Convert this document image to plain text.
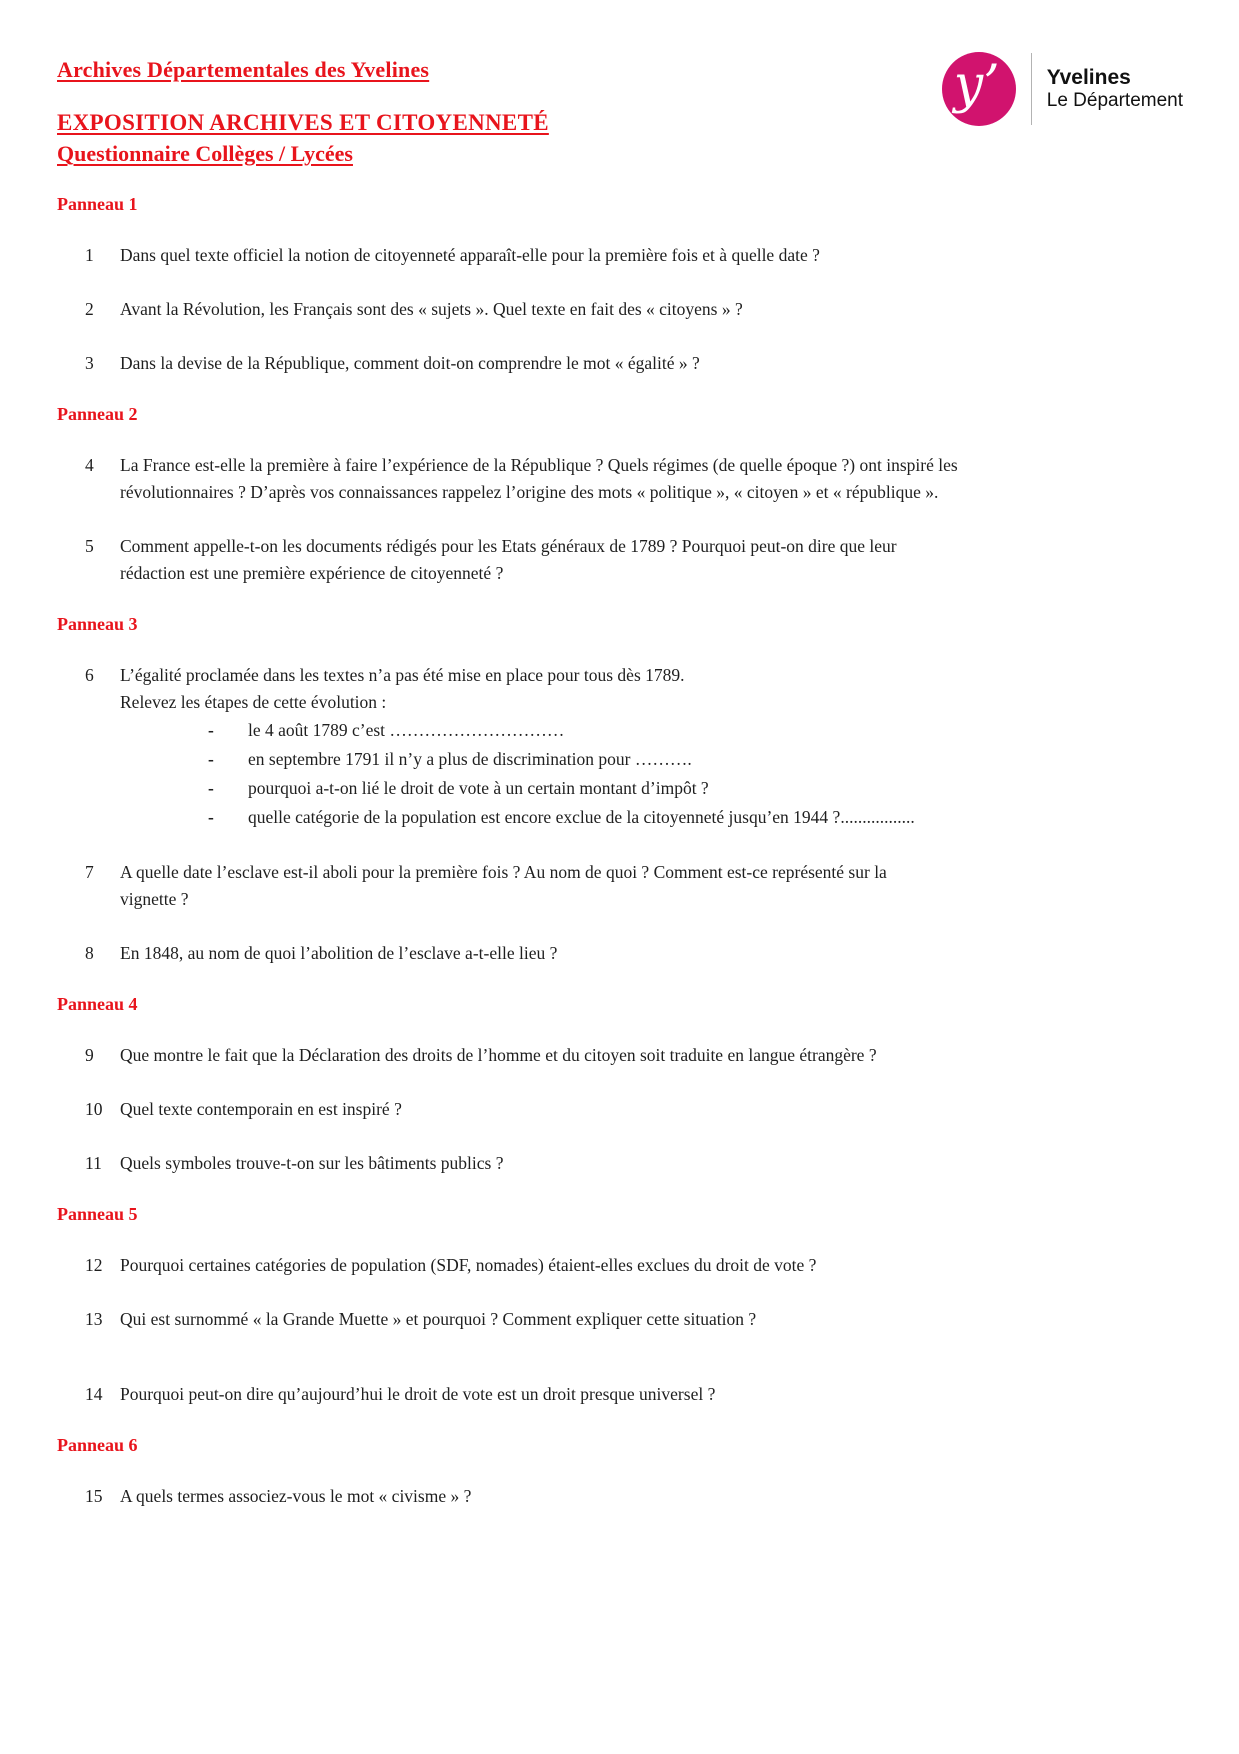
Archives Départementales des Yvelines
EXPOSITION ARCHIVES ET CITOYENNETÉ
Questionnaire Collèges / Lycées
y’ Yvelines
Le Département
Panneau 1
1	Dans quel texte officiel la notion de citoyenneté apparaît-elle pour la première fois et à quelle date ?
2	Avant la Révolution, les Français sont des « sujets ». Quel texte en fait des « citoyens » ?
3	Dans la devise de la République, comment doit-on comprendre le mot « égalité » ?
Panneau 2
4	La France est-elle la première à faire l’expérience de la République ? Quels régimes (de quelle époque ?) ont inspiré les
révolutionnaires ? D’après vos connaissances rappelez l’origine des mots « politique », « citoyen » et « république ».
5	Comment appelle-t-on les documents rédigés pour les Etats généraux de 1789 ? Pourquoi peut-on dire que leur
rédaction est une première expérience de citoyenneté ?
Panneau 3
6	L’égalité proclamée dans les textes n’a pas été mise en place pour tous dès 1789.
Relevez les étapes de cette évolution :
-	le 4 août 1789 c’est …………………………
-	en septembre 1791 il n’y a plus de discrimination pour ……….
-	pourquoi a-t-on lié le droit de vote à un certain montant d’impôt ?
-	quelle catégorie de la population est encore exclue de la citoyenneté jusqu’en 1944 ?.................
7	A quelle date l’esclave est-il aboli pour la première fois ? Au nom de quoi ? Comment est-ce représenté sur la
vignette ?
8	En 1848, au nom de quoi l’abolition de l’esclave a-t-elle lieu ?
Panneau 4
9	Que montre le fait que la Déclaration des droits de l’homme et du citoyen soit traduite en langue étrangère ?
10	Quel texte contemporain en est inspiré ?
11	Quels symboles trouve-t-on sur les bâtiments publics ?
Panneau 5
12	Pourquoi certaines catégories de population (SDF, nomades) étaient-elles exclues du droit de vote ?
13	Qui est surnommé « la Grande Muette » et pourquoi ? Comment expliquer cette situation ?
14	Pourquoi peut-on dire qu’aujourd’hui le droit de vote est un droit presque universel ?
Panneau 6
15	A quels termes associez-vous le mot « civisme » ?
